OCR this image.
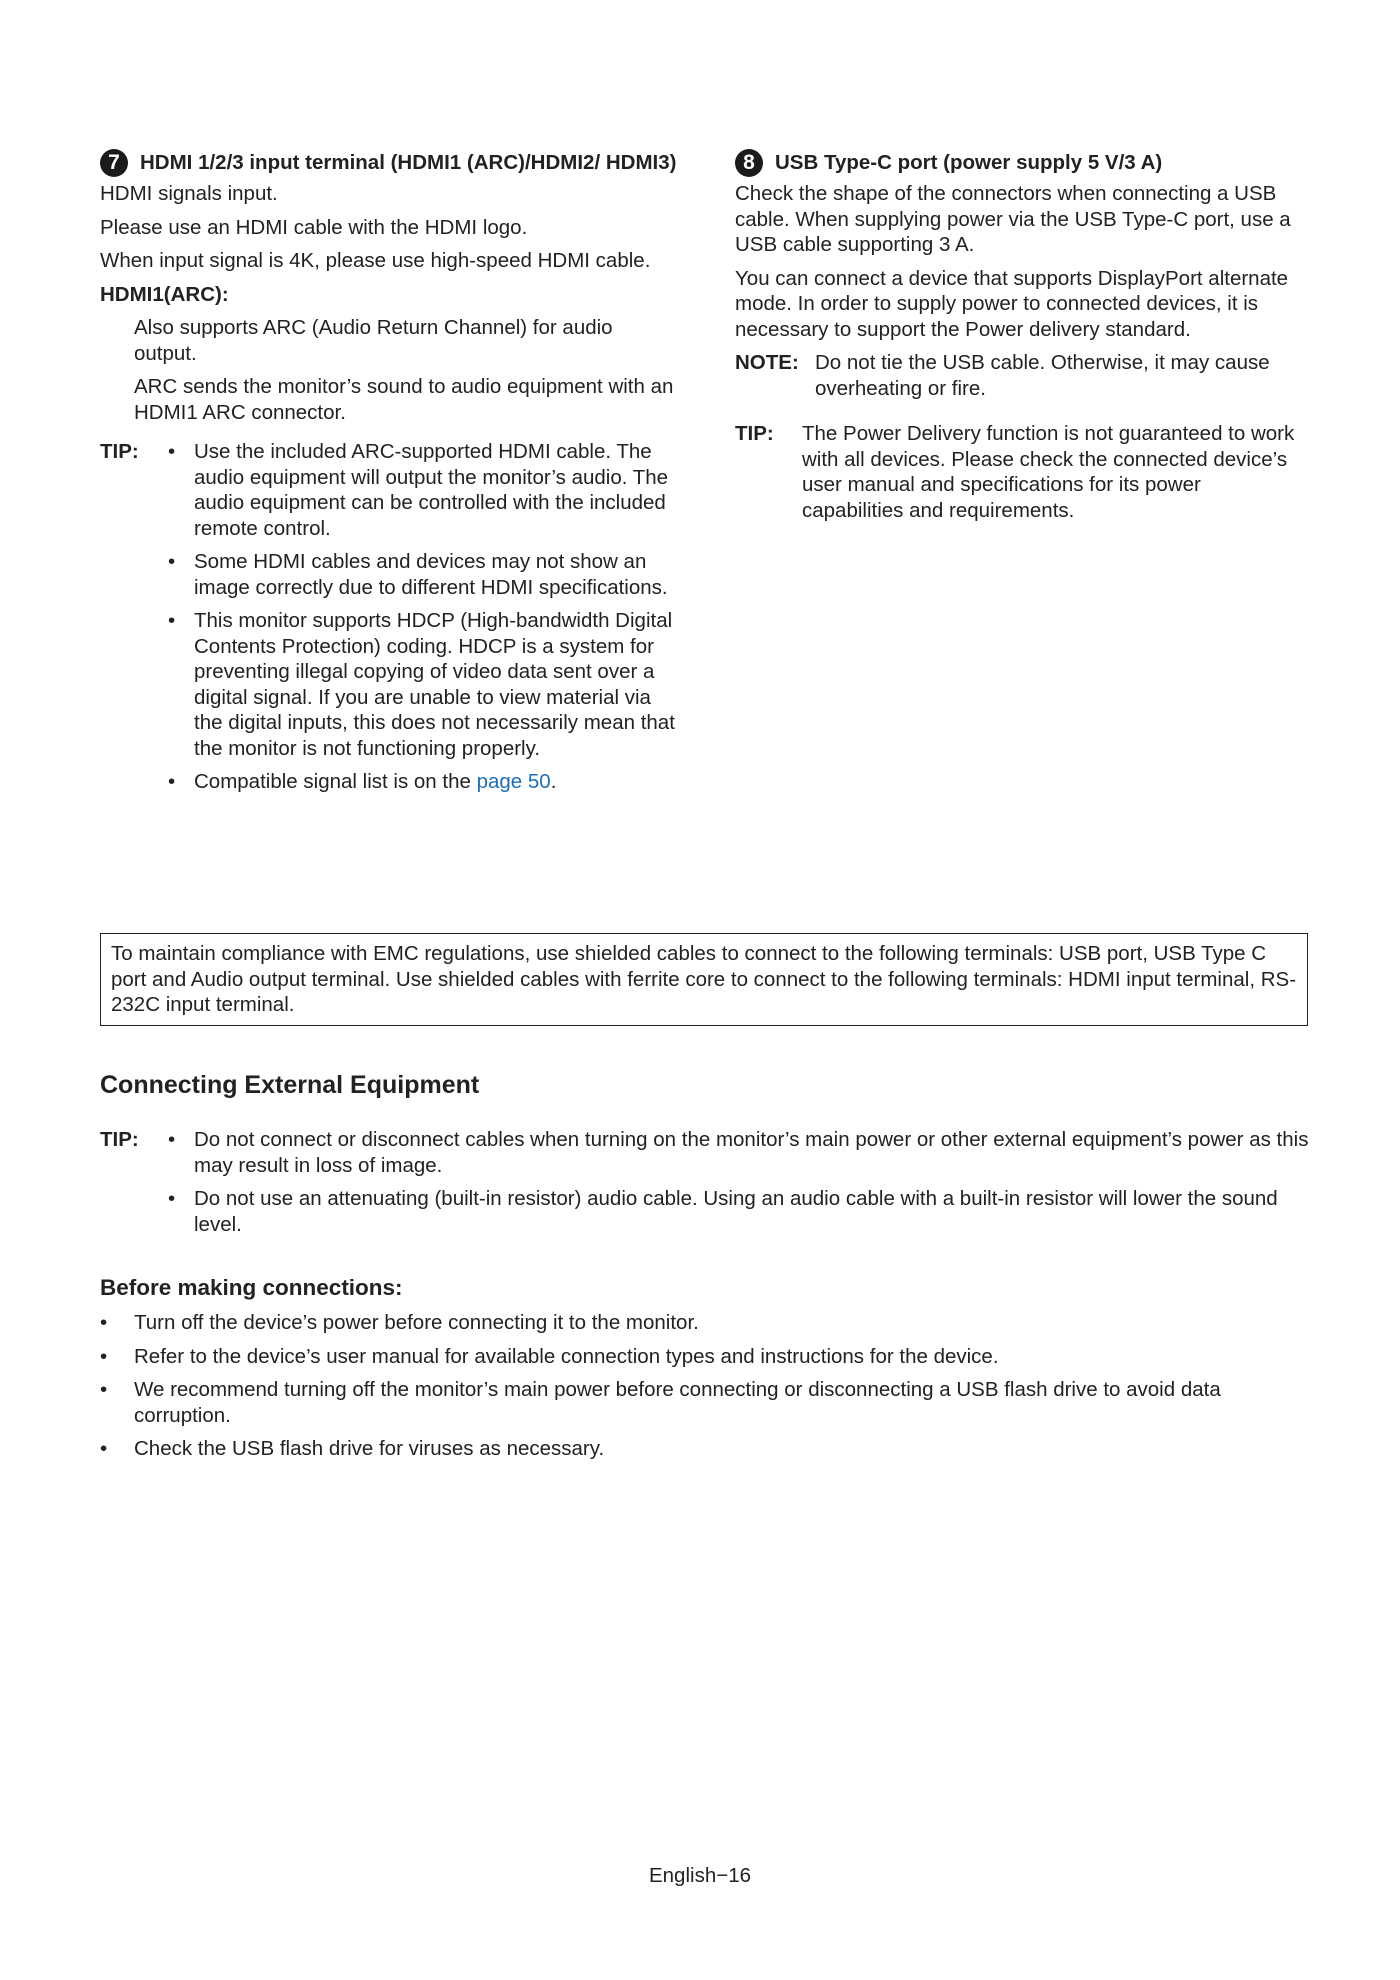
7 HDMI 1/2/3 input terminal (HDMI1 (ARC)/HDMI2/ HDMI3)

HDMI signals input.

Please use an HDMI cable with the HDMI logo.

When input signal is 4K, please use high-speed HDMI cable.

HDMI1(ARC):

Also supports ARC (Audio Return Channel) for audio output.

ARC sends the monitor’s sound to audio equipment with an HDMI1 ARC connector.

TIP:	• Use the included ARC-supported HDMI cable. The audio equipment will output the monitor’s audio. The audio equipment can be controlled with the included remote control.
• Some HDMI cables and devices may not show an image correctly due to different HDMI specifications.
• This monitor supports HDCP (High-bandwidth Digital Contents Protection) coding. HDCP is a system for preventing illegal copying of video data sent over a digital signal. If you are unable to view material via the digital inputs, this does not necessarily mean that the monitor is not functioning properly.
• Compatible signal list is on the page 50.
8 USB Type-C port (power supply 5 V/3 A)

Check the shape of the connectors when connecting a USB cable. When supplying power via the USB Type-C port, use a USB cable supporting 3 A.

You can connect a device that supports DisplayPort alternate mode. In order to supply power to connected devices, it is necessary to support the Power delivery standard.

NOTE: Do not tie the USB cable. Otherwise, it may cause overheating or fire.
TIP:	The Power Delivery function is not guaranteed to work with all devices. Please check the connected device’s user manual and specifications for its power capabilities and requirements.
To maintain compliance with EMC regulations, use shielded cables to connect to the following terminals: USB port, USB Type C port and Audio output terminal. Use shielded cables with ferrite core to connect to the following terminals: HDMI input terminal, RS-232C input terminal.
Connecting External Equipment
TIP:	• Do not connect or disconnect cables when turning on the monitor’s main power or other external equipment’s power as this may result in loss of image.
• Do not use an attenuating (built-in resistor) audio cable. Using an audio cable with a built-in resistor will lower the sound level.
Before making connections:
• Turn off the device’s power before connecting it to the monitor.
• Refer to the device’s user manual for available connection types and instructions for the device.
• We recommend turning off the monitor’s main power before connecting or disconnecting a USB flash drive to avoid data corruption.
• Check the USB flash drive for viruses as necessary.
English−16
